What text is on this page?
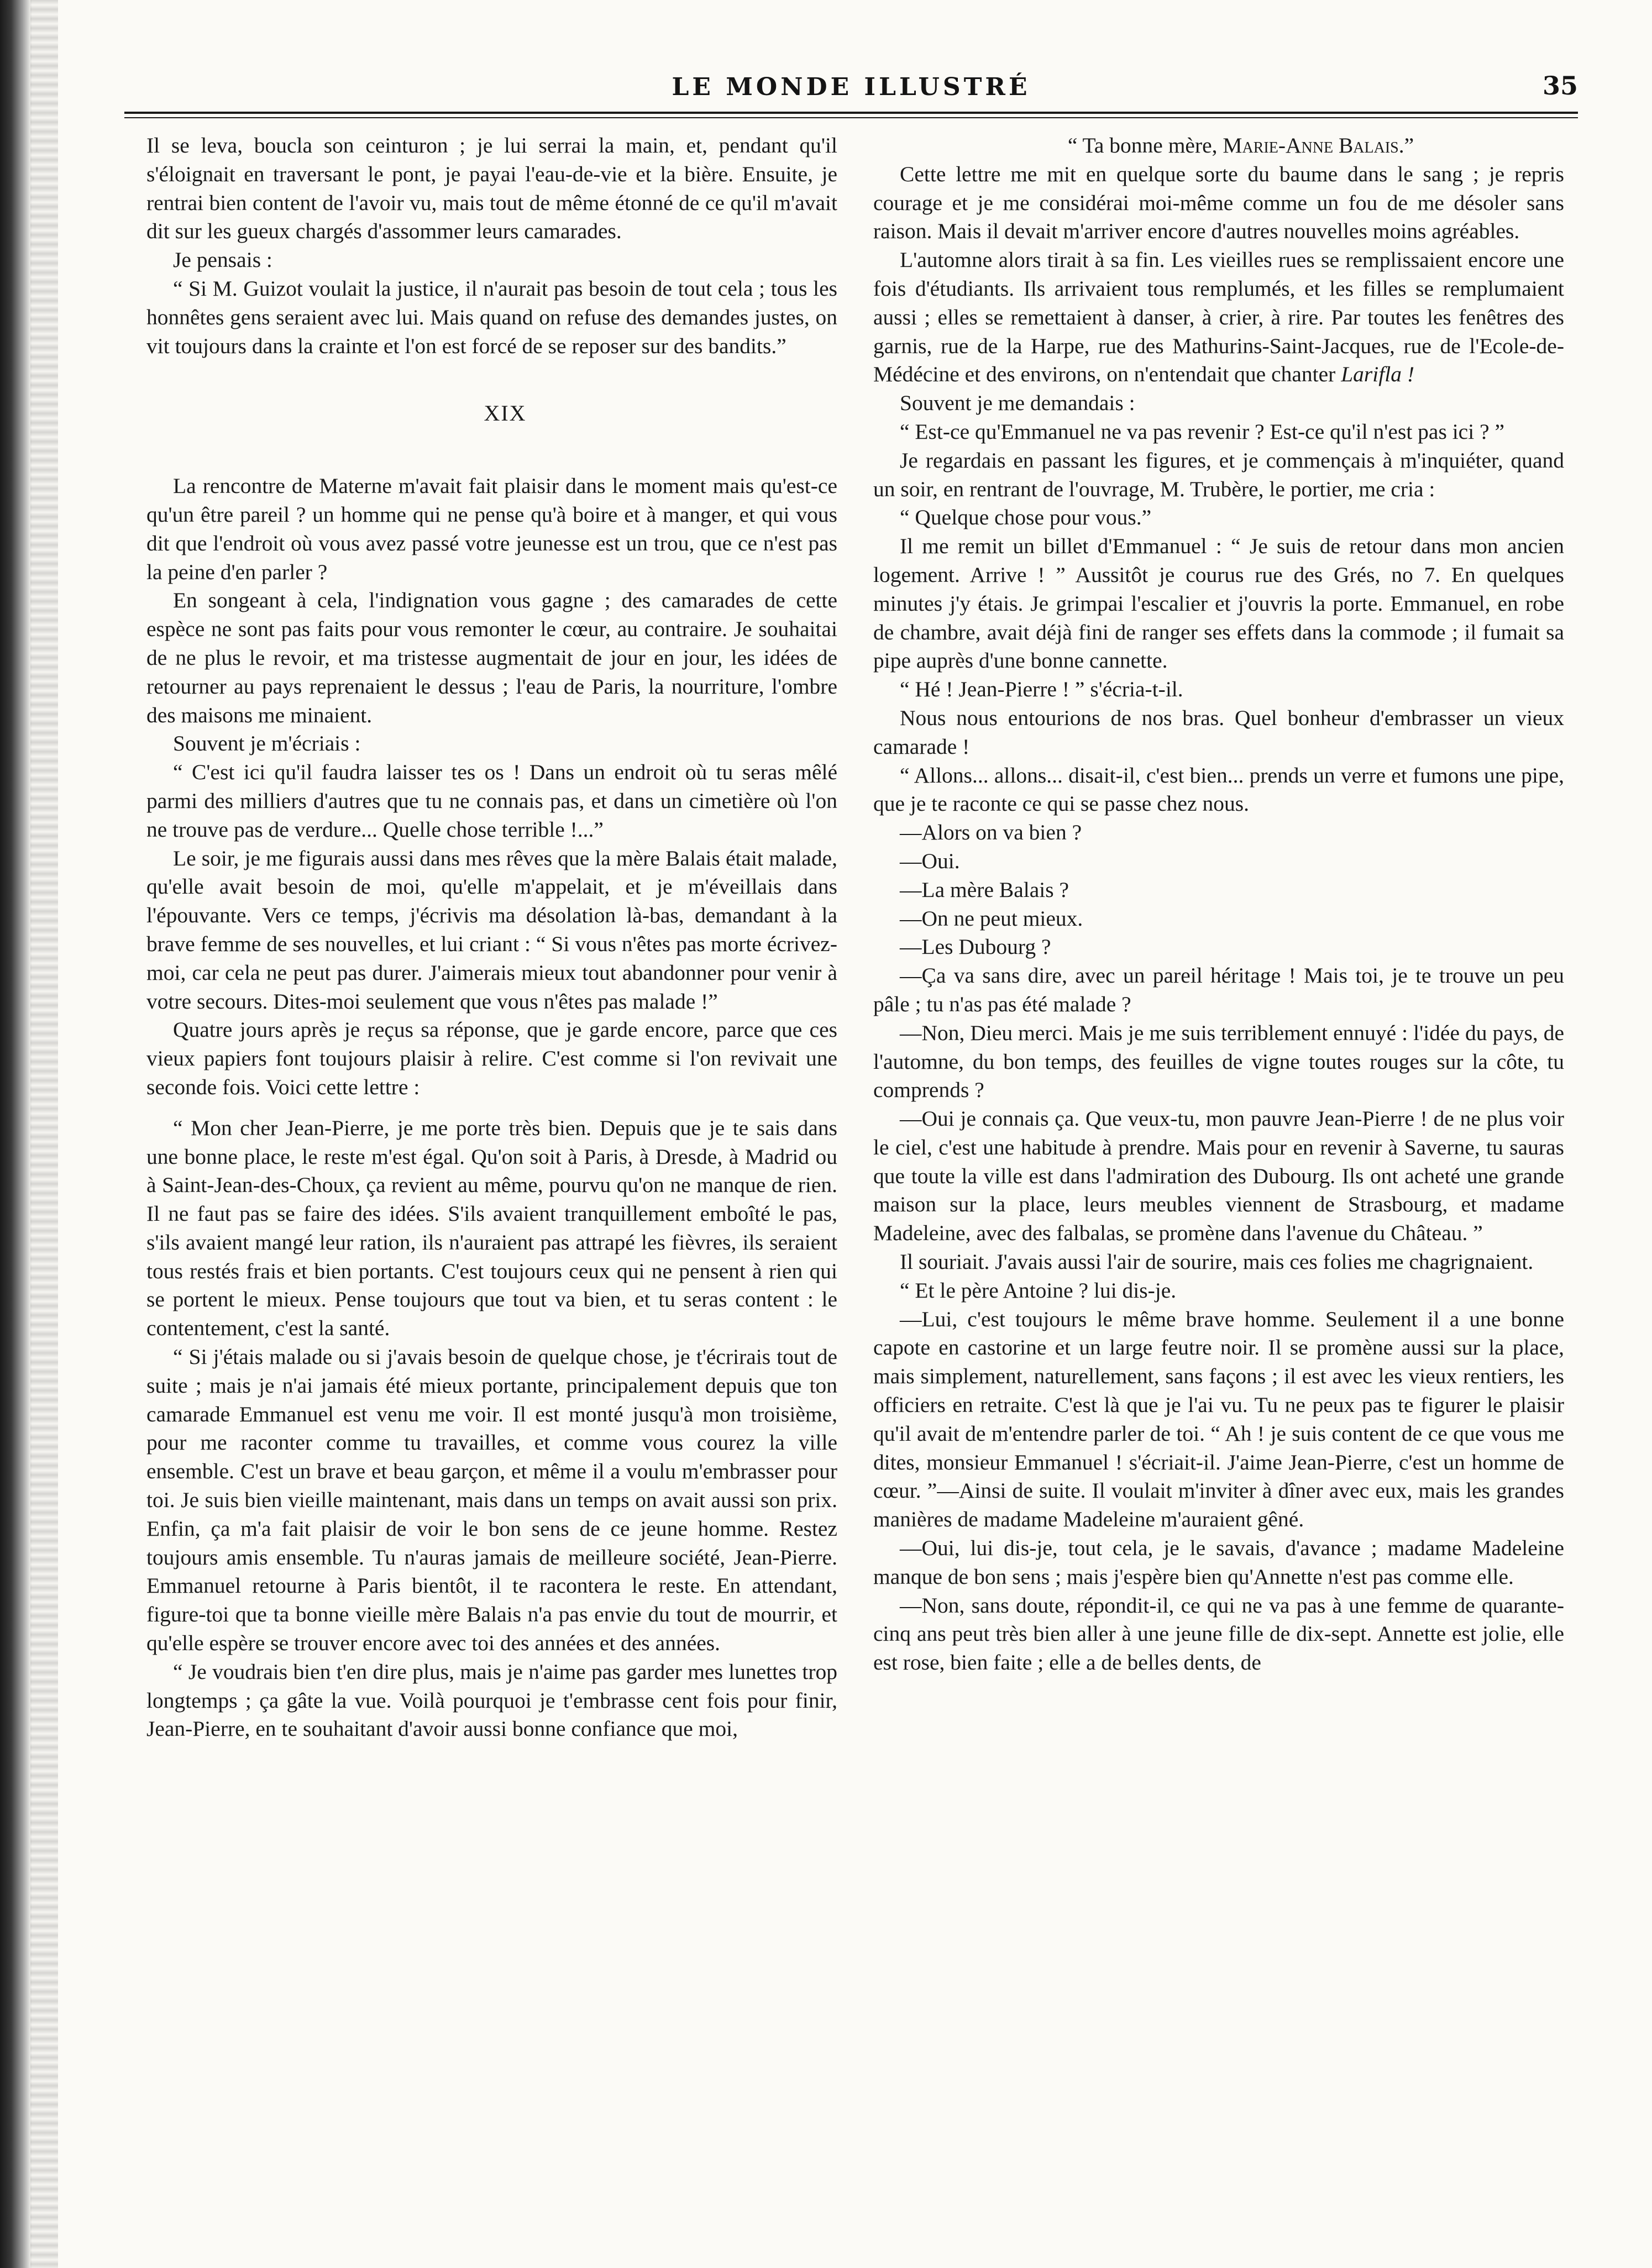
LE MONDE ILLUSTRÉ	35

Il se leva, boucla son ceinturon ; je lui serrai la main, et, pendant qu'il s'éloignait en traversant le pont, je payai l'eau-de-vie et la bière. Ensuite, je rentrai bien content de l'avoir vu, mais tout de même étonné de ce qu'il m'avait dit sur les gueux chargés d'assommer leurs camarades.

Je pensais :

“ Si M. Guizot voulait la justice, il n'aurait pas besoin de tout cela ; tous les honnêtes gens seraient avec lui. Mais quand on refuse des demandes justes, on vit toujours dans la crainte et l'on est forcé de se reposer sur des bandits.”

XIX

La rencontre de Materne m'avait fait plaisir dans le moment mais qu'est-ce qu'un être pareil ? un homme qui ne pense qu'à boire et à manger, et qui vous dit que l'endroit où vous avez passé votre jeunesse est un trou, que ce n'est pas la peine d'en parler ?

En songeant à cela, l'indignation vous gagne ; des camarades de cette espèce ne sont pas faits pour vous remonter le cœur, au contraire. Je souhaitai de ne plus le revoir, et ma tristesse augmentait de jour en jour, les idées de retourner au pays reprenaient le dessus ; l'eau de Paris, la nourriture, l'ombre des maisons me minaient.

Souvent je m'écriais :

“ C'est ici qu'il faudra laisser tes os ! Dans un endroit où tu seras mêlé parmi des milliers d'autres que tu ne connais pas, et dans un cimetière où l'on ne trouve pas de verdure... Quelle chose terrible !...”

Le soir, je me figurais aussi dans mes rêves que la mère Balais était malade, qu'elle avait besoin de moi, qu'elle m'appelait, et je m'éveillais dans l'épouvante. Vers ce temps, j'écrivis ma désolation là-bas, demandant à la brave femme de ses nouvelles, et lui criant : “ Si vous n'êtes pas morte écrivez-moi, car cela ne peut pas durer. J'aimerais mieux tout abandonner pour venir à votre secours. Dites-moi seulement que vous n'êtes pas malade !”

Quatre jours après je reçus sa réponse, que je garde encore, parce que ces vieux papiers font toujours plaisir à relire. C'est comme si l'on revivait une seconde fois. Voici cette lettre :

“ Mon cher Jean-Pierre, je me porte très bien. Depuis que je te sais dans une bonne place, le reste m'est égal. Qu'on soit à Paris, à Dresde, à Madrid ou à Saint-Jean-des-Choux, ça revient au même, pourvu qu'on ne manque de rien. Il ne faut pas se faire des idées. S'ils avaient tranquillement emboîté le pas, s'ils avaient mangé leur ration, ils n'auraient pas attrapé les fièvres, ils seraient tous restés frais et bien portants. C'est toujours ceux qui ne pensent à rien qui se portent le mieux. Pense toujours que tout va bien, et tu seras content : le contentement, c'est la santé.

“ Si j'étais malade ou si j'avais besoin de quelque chose, je t'écrirais tout de suite ; mais je n'ai jamais été mieux portante, principalement depuis que ton camarade Emmanuel est venu me voir. Il est monté jusqu'à mon troisième, pour me raconter comme tu travailles, et comme vous courez la ville ensemble. C'est un brave et beau garçon, et même il a voulu m'embrasser pour toi. Je suis bien vieille maintenant, mais dans un temps on avait aussi son prix. Enfin, ça m'a fait plaisir de voir le bon sens de ce jeune homme. Restez toujours amis ensemble. Tu n'auras jamais de meilleure société, Jean-Pierre. Emmanuel retourne à Paris bientôt, il te racontera le reste. En attendant, figure-toi que ta bonne vieille mère Balais n'a pas envie du tout de mourrir, et qu'elle espère se trouver encore avec toi des années et des années.

“ Je voudrais bien t'en dire plus, mais je n'aime pas garder mes lunettes trop longtemps ; ça gâte la vue. Voilà pourquoi je t'embrasse cent fois pour finir, Jean-Pierre, en te souhaitant d'avoir aussi bonne confiance que moi,

“ Ta bonne mère, Marie-Anne Balais.”

Cette lettre me mit en quelque sorte du baume dans le sang ; je repris courage et je me considérai moi-même comme un fou de me désoler sans raison. Mais il devait m'arriver encore d'autres nouvelles moins agréables.

L'automne alors tirait à sa fin. Les vieilles rues se remplissaient encore une fois d'étudiants. Ils arrivaient tous remplumés, et les filles se remplumaient aussi ; elles se remettaient à danser, à crier, à rire. Par toutes les fenêtres des garnis, rue de la Harpe, rue des Mathurins-Saint-Jacques, rue de l'Ecole-de-Médécine et des environs, on n'entendait que chanter Larifla !

Souvent je me demandais :

“ Est-ce qu'Emmanuel ne va pas revenir ? Est-ce qu'il n'est pas ici ? ”

Je regardais en passant les figures, et je commençais à m'inquiéter, quand un soir, en rentrant de l'ouvrage, M. Trubère, le portier, me cria :

“ Quelque chose pour vous.”

Il me remit un billet d'Emmanuel : “ Je suis de retour dans mon ancien logement. Arrive ! ” Aussitôt je courus rue des Grés, no 7. En quelques minutes j'y étais. Je grimpai l'escalier et j'ouvris la porte. Emmanuel, en robe de chambre, avait déjà fini de ranger ses effets dans la commode ; il fumait sa pipe auprès d'une bonne cannette.

“ Hé ! Jean-Pierre ! ” s'écria-t-il.

Nous nous entourions de nos bras. Quel bonheur d'embrasser un vieux camarade !

“ Allons... allons... disait-il, c'est bien... prends un verre et fumons une pipe, que je te raconte ce qui se passe chez nous.

—Alors on va bien ?

—Oui.

—La mère Balais ?

—On ne peut mieux.

—Les Dubourg ?

—Ça va sans dire, avec un pareil héritage ! Mais toi, je te trouve un peu pâle ; tu n'as pas été malade ?

—Non, Dieu merci. Mais je me suis terriblement ennuyé : l'idée du pays, de l'automne, du bon temps, des feuilles de vigne toutes rouges sur la côte, tu comprends ?

—Oui je connais ça. Que veux-tu, mon pauvre Jean-Pierre ! de ne plus voir le ciel, c'est une habitude à prendre. Mais pour en revenir à Saverne, tu sauras que toute la ville est dans l'admiration des Dubourg. Ils ont acheté une grande maison sur la place, leurs meubles viennent de Strasbourg, et madame Madeleine, avec des falbalas, se promène dans l'avenue du Château. ”

Il souriait. J'avais aussi l'air de sourire, mais ces folies me chagrignaient.

“ Et le père Antoine ? lui dis-je.

—Lui, c'est toujours le même brave homme. Seulement il a une bonne capote en castorine et un large feutre noir. Il se promène aussi sur la place, mais simplement, naturellement, sans façons ; il est avec les vieux rentiers, les officiers en retraite. C'est là que je l'ai vu. Tu ne peux pas te figurer le plaisir qu'il avait de m'entendre parler de toi. “ Ah ! je suis content de ce que vous me dites, monsieur Emmanuel ! s'écriait-il. J'aime Jean-Pierre, c'est un homme de cœur. ”—Ainsi de suite. Il voulait m'inviter à dîner avec eux, mais les grandes manières de madame Madeleine m'auraient gêné.

—Oui, lui dis-je, tout cela, je le savais, d'avance ; madame Madeleine manque de bon sens ; mais j'espère bien qu'Annette n'est pas comme elle.

—Non, sans doute, répondit-il, ce qui ne va pas à une femme de quarante-cinq ans peut très bien aller à une jeune fille de dix-sept. Annette est jolie, elle est rose, bien faite ; elle a de belles dents, de
